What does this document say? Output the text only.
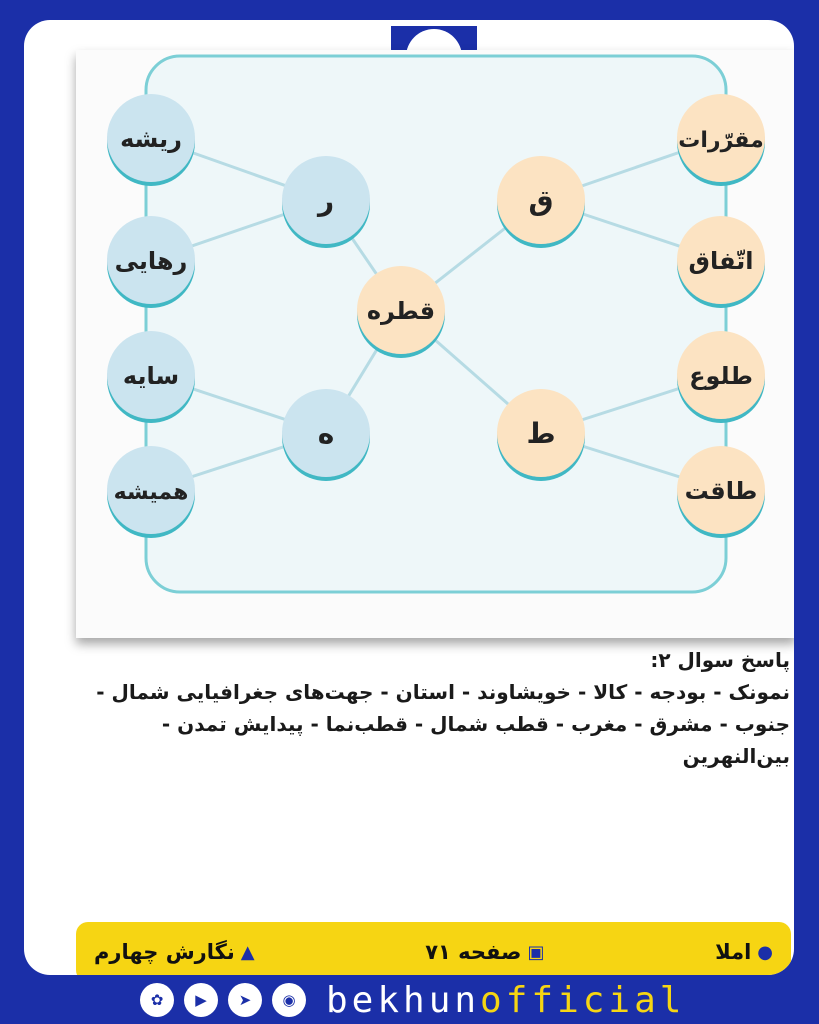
ریشه
رهایی
سایه
همیشه
مقرّرات
اتّفاق
طلوع
طاقت
ر
ه
ق
ط
قطره
پاسخ سوال ۲:
نمونک - بودجه - کالا - خویشاوند - استان - جهت‌های جغرافیایی شمال - جنوب - مشرق - مغرب - قطب شمال - قطب‌نما - پیدایش تمدن - بین‌النهرین
●
املا
▣
صفحه ۷۱
▲
نگارش چهارم
✿	▶	➤	◉ bekhunofficial
